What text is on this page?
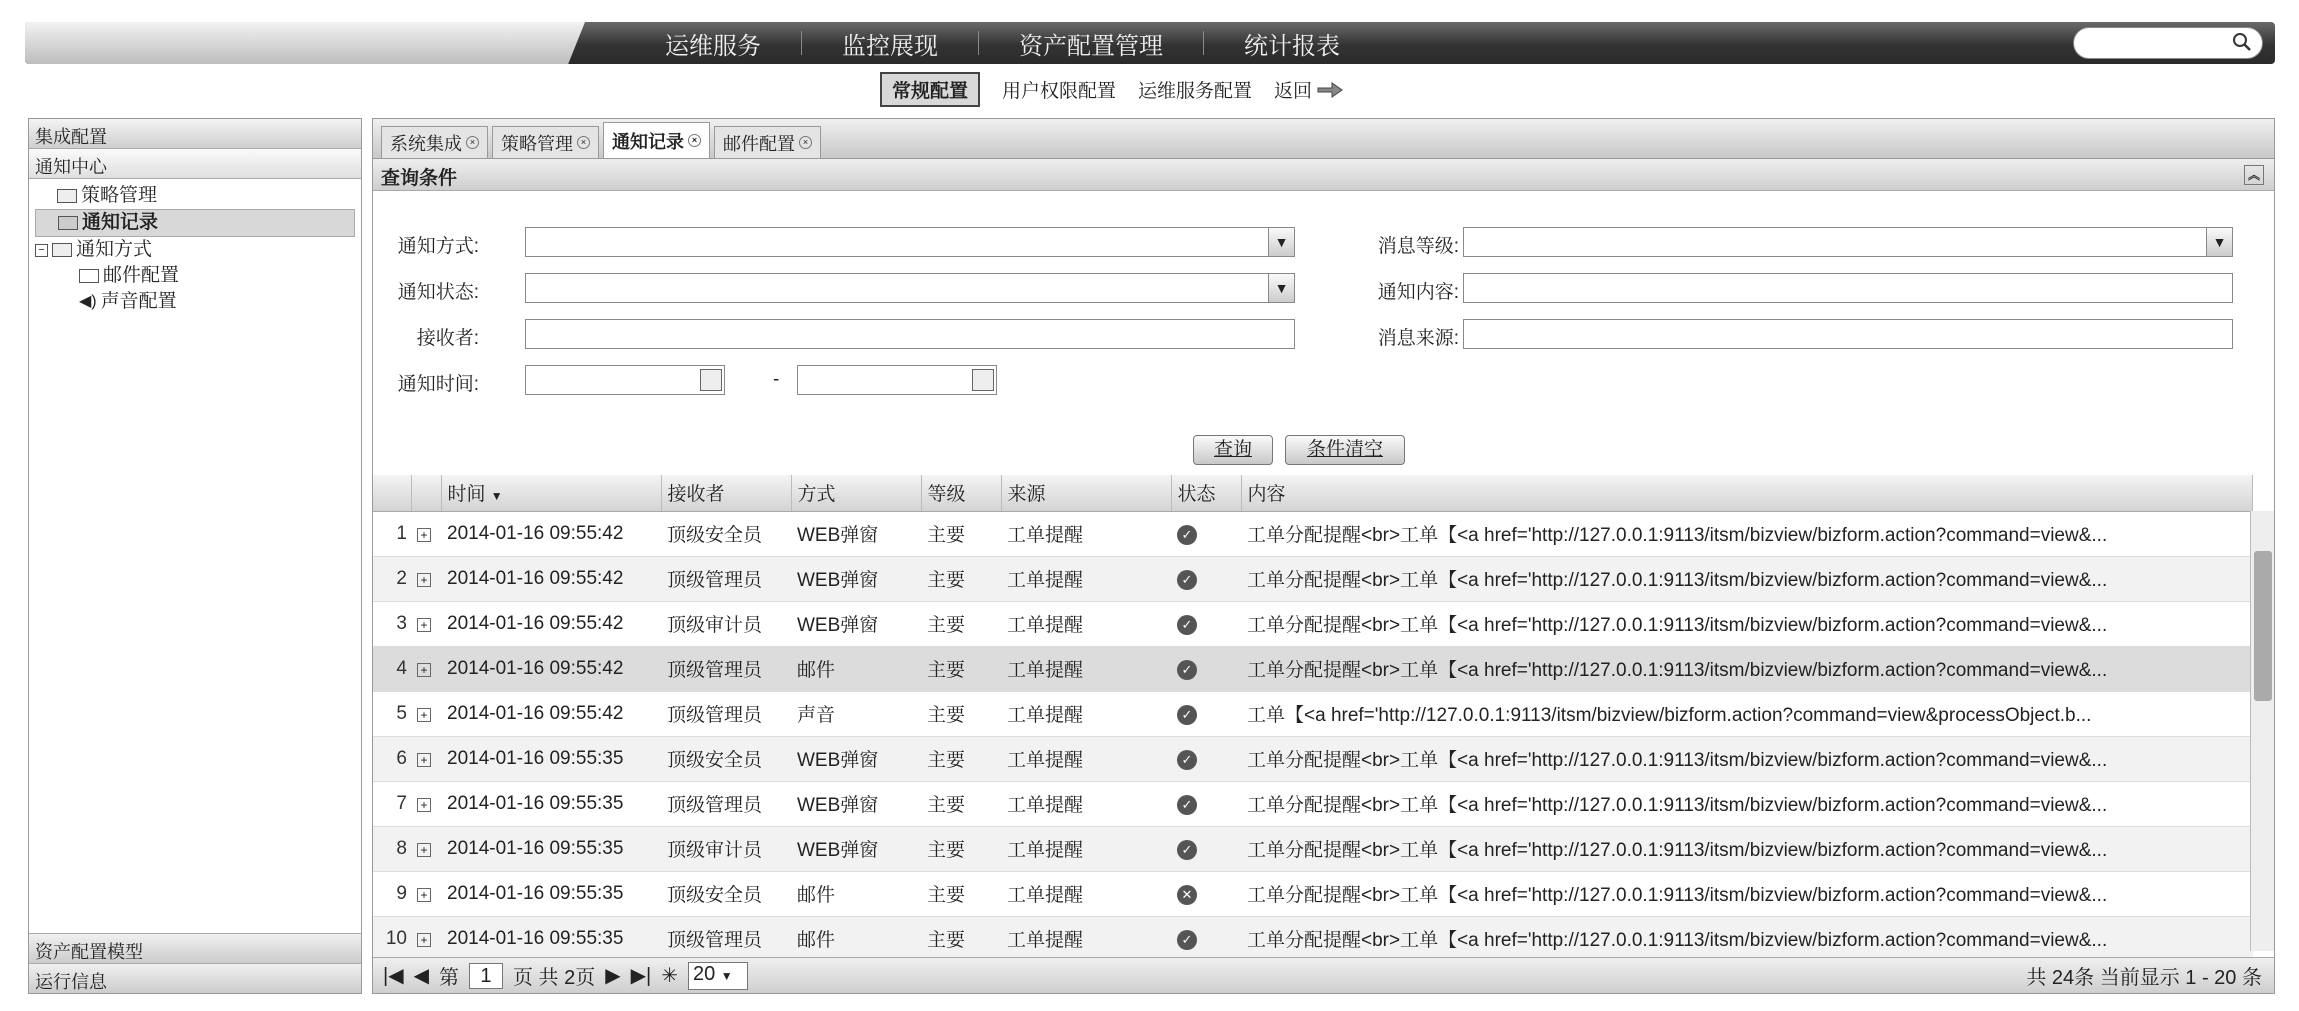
运维服务	监控展现	资产配置管理	统计报表
常规配置	用户权限配置 运维服务配置 返回
集成配置
通知中心
策略管理
通知记录
− 通知方式
邮件配置
◀) 声音配置
资产配置模型
运行信息
系统集成 × 策略管理 × 通知记录 × 邮件配置 ×
查询条件	︽
通知方式:	▼	消息等级:	▼
通知状态:	▼	通知内容:
接收者:	消息来源:
通知时间:	-
查询	条件清空
		时间 ▼	接收者	方式	等级	来源	状态	内容
1	+	2014-01-16 09:55:42	顶级安全员	WEB弹窗	主要	工单提醒	✓	工单分配提醒<br>工单【<a href='http://127.0.0.1:9113/itsm/bizview/bizform.action?command=view&...
2	+	2014-01-16 09:55:42	顶级管理员	WEB弹窗	主要	工单提醒	✓	工单分配提醒<br>工单【<a href='http://127.0.0.1:9113/itsm/bizview/bizform.action?command=view&...
3	+	2014-01-16 09:55:42	顶级审计员	WEB弹窗	主要	工单提醒	✓	工单分配提醒<br>工单【<a href='http://127.0.0.1:9113/itsm/bizview/bizform.action?command=view&...
4	+	2014-01-16 09:55:42	顶级管理员	邮件	主要	工单提醒	✓	工单分配提醒<br>工单【<a href='http://127.0.0.1:9113/itsm/bizview/bizform.action?command=view&...
5	+	2014-01-16 09:55:42	顶级管理员	声音	主要	工单提醒	✓	工单【<a href='http://127.0.0.1:9113/itsm/bizview/bizform.action?command=view&processObject.b...
6	+	2014-01-16 09:55:35	顶级安全员	WEB弹窗	主要	工单提醒	✓	工单分配提醒<br>工单【<a href='http://127.0.0.1:9113/itsm/bizview/bizform.action?command=view&...
7	+	2014-01-16 09:55:35	顶级管理员	WEB弹窗	主要	工单提醒	✓	工单分配提醒<br>工单【<a href='http://127.0.0.1:9113/itsm/bizview/bizform.action?command=view&...
8	+	2014-01-16 09:55:35	顶级审计员	WEB弹窗	主要	工单提醒	✓	工单分配提醒<br>工单【<a href='http://127.0.0.1:9113/itsm/bizview/bizform.action?command=view&...
9	+	2014-01-16 09:55:35	顶级安全员	邮件	主要	工单提醒	✕	工单分配提醒<br>工单【<a href='http://127.0.0.1:9113/itsm/bizview/bizform.action?command=view&...
10	+	2014-01-16 09:55:35	顶级管理员	邮件	主要	工单提醒	✓	工单分配提醒<br>工单【<a href='http://127.0.0.1:9113/itsm/bizview/bizform.action?command=view&...
|◀ ◀ 第	1	页 共 2页 ▶ ▶| ✳ 20 ▼	共 24条 当前显示 1 - 20 条
